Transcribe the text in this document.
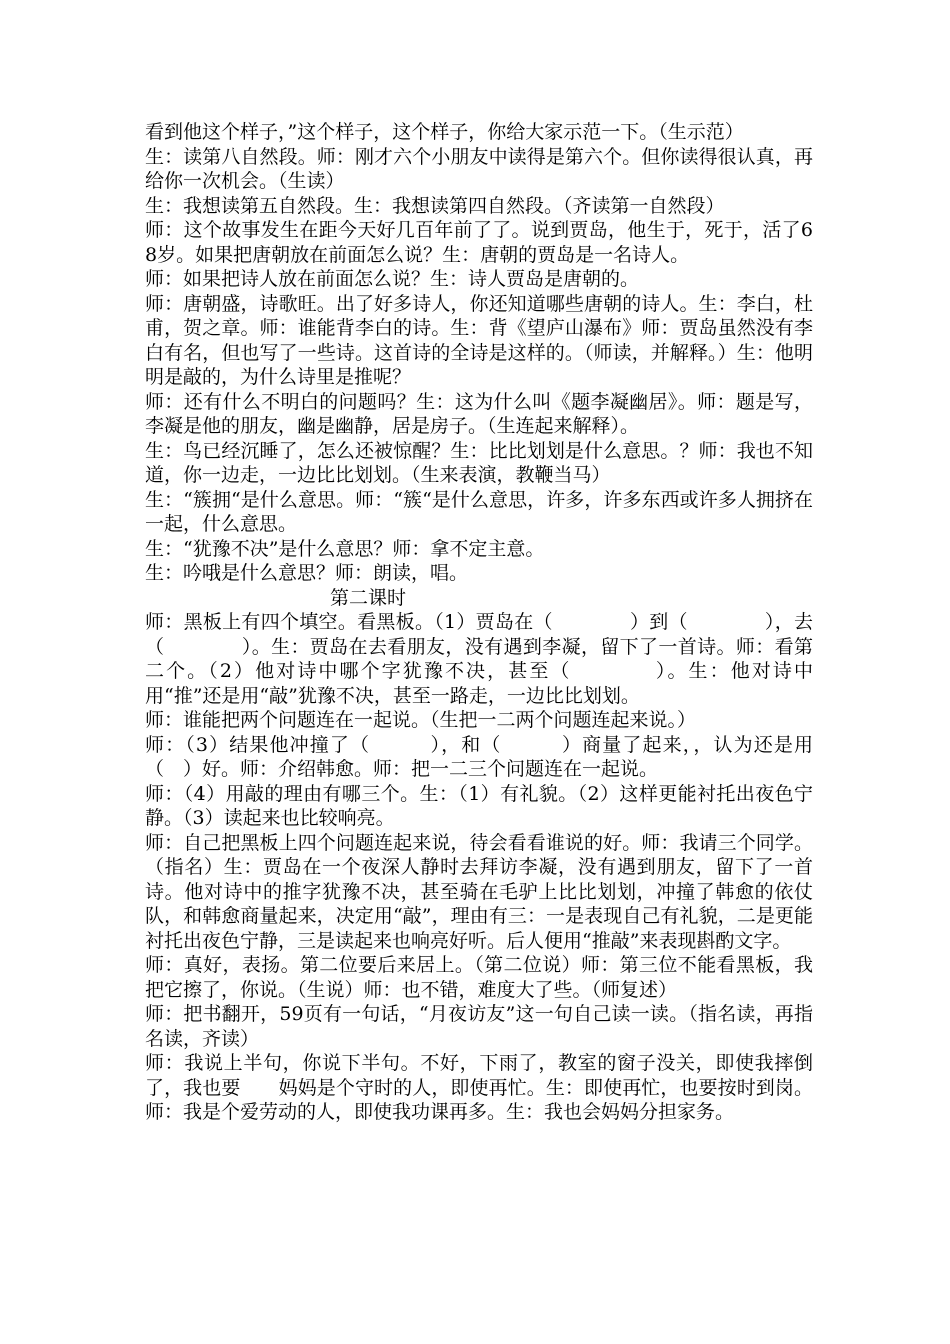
看到他这个样子，”这个样子，这个样子，你给大家示范一下。（生示范）

生：读第八自然段。师：刚才六个小朋友中读得是第六个。但你读得很认真，再给你一次机会。（生读）

生：我想读第五自然段。生：我想读第四自然段。（齐读第一自然段）

师：这个故事发生在距今天好几百年前了了。说到贾岛，他生于，死于，活了68岁。如果把唐朝放在前面怎么说？生：唐朝的贾岛是一名诗人。

师：如果把诗人放在前面怎么说？生：诗人贾岛是唐朝的。

师：唐朝盛，诗歌旺。出了好多诗人，你还知道哪些唐朝的诗人。生：李白，杜甫，贺之章。师：谁能背李白的诗。生：背《望庐山瀑布》师：贾岛虽然没有李白有名，但也写了一些诗。这首诗的全诗是这样的。（师读，并解释。）生：他明明是敲的，为什么诗里是推呢？

师：还有什么不明白的问题吗？生：这为什么叫《题李凝幽居》。师：题是写，李凝是他的朋友，幽是幽静，居是房子。（生连起来解释）。

生：鸟已经沉睡了，怎么还被惊醒？生：比比划划是什么意思。？师：我也不知道，你一边走，一边比比划划。（生来表演，教鞭当马）

生：“簇拥“是什么意思。师：“簇“是什么意思，许多，许多东西或许多人拥挤在一起，什么意思。

生：“犹豫不决”是什么意思？师：拿不定主意。

生：吟哦是什么意思？师：朗读，唱。

第二课时

师：黑板上有四个填空。看黑板。（1）贾岛在（　　　　）到（　　　　），去（　　　　）。生：贾岛在去看朋友，没有遇到李凝，留下了一首诗。师：看第二个。（2）他对诗中哪个字犹豫不决，甚至（　　　　）。生：他对诗中用“推”还是用“敲”犹豫不决，甚至一路走，一边比比划划。

师：谁能把两个问题连在一起说。（生把一二两个问题连起来说。）

师：（3）结果他冲撞了（　　　），和（　　　）商量了起来，，认为还是用（　）好。师：介绍韩愈。师：把一二三个问题连在一起说。

师：（4）用敲的理由有哪三个。生：（1）有礼貌。（2）这样更能衬托出夜色宁静。（3）读起来也比较响亮。

师：自己把黑板上四个问题连起来说，待会看看谁说的好。师：我请三个同学。（指名）生：贾岛在一个夜深人静时去拜访李凝，没有遇到朋友，留下了一首诗。他对诗中的推字犹豫不决，甚至骑在毛驴上比比划划，冲撞了韩愈的依仗队，和韩愈商量起来，决定用“敲”，理由有三：一是表现自己有礼貌，二是更能衬托出夜色宁静，三是读起来也响亮好听。后人便用“推敲”来表现斟酌文字。

师：真好，表扬。第二位要后来居上。（第二位说）师：第三位不能看黑板，我把它擦了，你说。（生说）师：也不错，难度大了些。（师复述）

师：把书翻开，59页有一句话，“月夜访友”这一句自己读一读。（指名读，再指名读，齐读）

师：我说上半句，你说下半句。不好，下雨了，教室的窗子没关，即使我摔倒了，我也要　　妈妈是个守时的人，即使再忙。生：即使再忙，也要按时到岗。师：我是个爱劳动的人，即使我功课再多。生：我也会妈妈分担家务。
